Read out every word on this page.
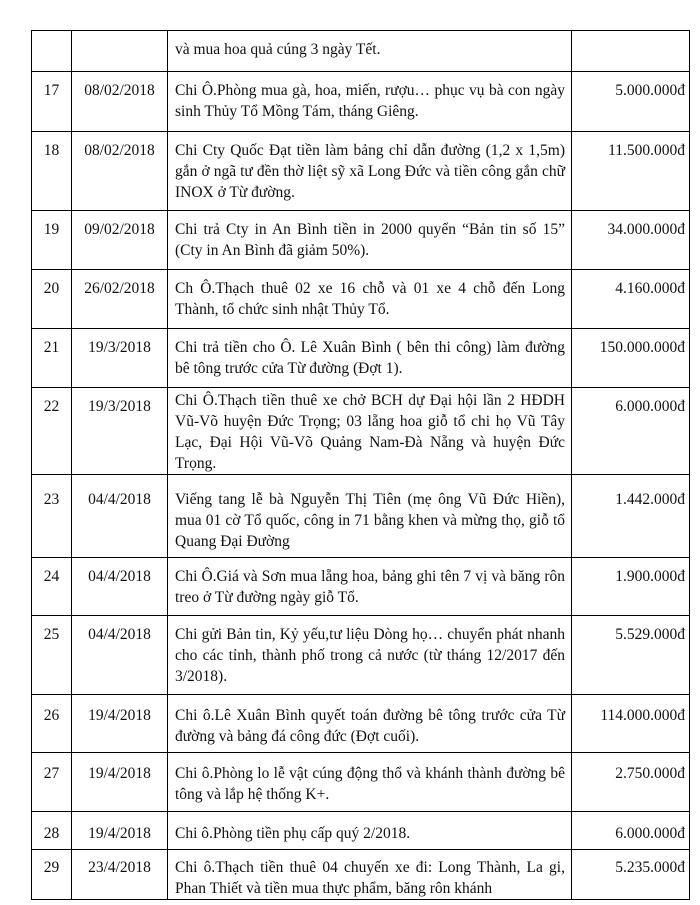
		và mua hoa quả cúng 3 ngày Tết.	

17	08/02/2018	Chi Ô.Phòng mua gà, hoa, miến, rượu… phục vụ bà con ngày sinh Thủy Tổ Mồng Tám, tháng Giêng.	5.000.000đ

18	08/02/2018	Chi Cty Quốc Đạt tiền làm bảng chỉ dẫn đường (1,2 x 1,5m) gắn ở ngã tư đền thờ liệt sỹ xã Long Đức và tiền công gắn chữ INOX ở Từ đường.	11.500.000đ

19	09/02/2018	Chi trả Cty in An Bình tiền in 2000 quyển “Bản tin số 15” (Cty in An Bình đã giảm 50%).	34.000.000đ

20	26/02/2018	Ch Ô.Thạch thuê 02 xe 16 chỗ và 01 xe 4 chỗ đến Long Thành, tổ chức sinh nhật Thủy Tổ.	4.160.000đ

21	19/3/2018	Chi trả tiền cho Ô. Lê Xuân Bình ( bên thi công) làm đường bê tông trước cửa Từ đường (Đợt 1).	150.000.000đ

22	19/3/2018	Chi Ô.Thạch tiền thuê xe chở BCH dự Đại hội lần 2 HĐDH Vũ-Võ huyện Đức Trọng; 03 lẵng hoa giỗ tổ chi họ Vũ Tây Lạc, Đại Hội Vũ-Võ Quảng Nam-Đà Nẵng và huyện Đức Trọng.	6.000.000đ

23	04/4/2018	Viếng tang lễ bà Nguyễn Thị Tiên (mẹ ông Vũ Đức Hiền), mua 01 cờ Tổ quốc, công in 71 bằng khen và mừng thọ, giỗ tổ Quang Đại Đường	1.442.000đ

24	04/4/2018	Chi Ô.Giá và Sơn mua lẵng hoa, bảng ghi tên 7 vị và băng rôn treo ở Từ đường ngày giỗ Tổ.	1.900.000đ

25	04/4/2018	Chi gửi Bản tin, Kỷ yếu,tư liệu Dòng họ… chuyển phát nhanh cho các tỉnh, thành phố trong cả nước (từ tháng 12/2017 đến 3/2018).	5.529.000đ

26	19/4/2018	Chi ô.Lê Xuân Bình quyết toán đường bê tông trước cửa Từ đường và bảng đá công đức (Đợt cuối).	114.000.000đ

27	19/4/2018	Chi ô.Phòng lo lễ vật cúng động thổ và khánh thành đường bê tông và lắp hệ thống K+.	2.750.000đ

28	19/4/2018	Chi ô.Phòng tiền phụ cấp quý 2/2018.	6.000.000đ

29	23/4/2018	Chi ô.Thạch tiền thuê 04 chuyến xe đi: Long Thành, La gi, Phan Thiết và tiền mua thực phẩm, băng rôn khánh	5.235.000đ
